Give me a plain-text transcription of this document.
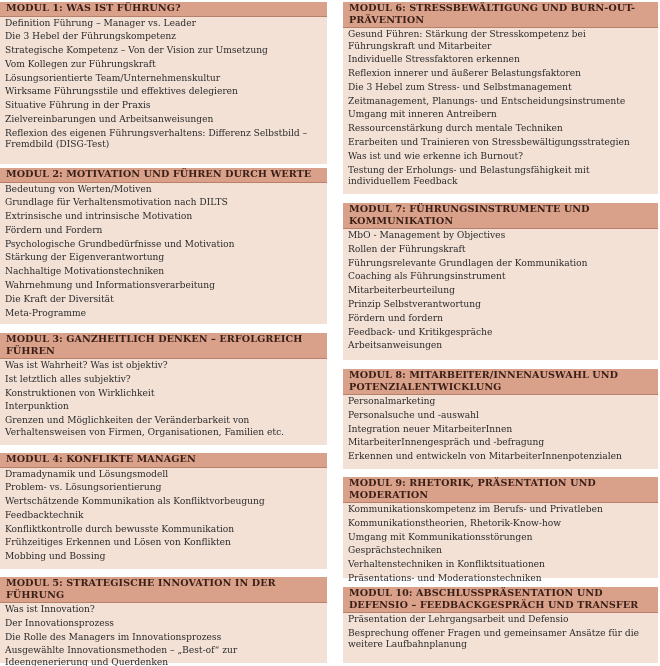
MODUL 1: WAS IST FÜHRUNG?
Definition Führung – Manager vs. Leader
Die 3 Hebel der Führungskompetenz
Strategische Kompetenz – Von der Vision zur Umsetzung
Vom Kollegen zur Führungskraft
Lösungsorientierte Team/Unternehmenskultur
Wirksame Führungsstile und effektives delegieren
Situative Führung in der Praxis
Zielvereinbarungen und Arbeitsanweisungen
Reflexion des eigenen Führungsverhaltens: Differenz Selbstbild – Fremdbild (DISG-Test)
MODUL 2: MOTIVATION UND FÜHREN DURCH WERTE
Bedeutung von Werten/Motiven
Grundlage für Verhaltensmotivation nach DILTS
Extrinsische und intrinsische Motivation
Fördern und Fordern
Psychologische Grundbedürfnisse und Motivation
Stärkung der Eigenverantwortung
Nachhaltige Motivationstechniken
Wahrnehmung und Informationsverarbeitung
Die Kraft der Diversität
Meta-Programme
MODUL 3: GANZHEITLICH DENKEN – ERFOLGREICH FÜHREN
Was ist Wahrheit? Was ist objektiv?
Ist letztlich alles subjektiv?
Konstruktionen von Wirklichkeit
Interpunktion
Grenzen und Möglichkeiten der Veränderbarkeit von Verhaltensweisen von Firmen, Organisationen, Familien etc.
MODUL 4: KONFLIKTE MANAGEN
Dramadynamik und Lösungsmodell
Problem- vs. Lösungsorientierung
Wertschätzende Kommunikation als Konfliktvorbeugung
Feedbacktechnik
Konfliktkontrolle durch bewusste Kommunikation
Frühzeitiges Erkennen und Lösen von Konflikten
Mobbing und Bossing
MODUL 5: STRATEGISCHE INNOVATION IN DER FÜHRUNG
Was ist Innovation?
Der Innovationsprozess
Die Rolle des Managers im Innovationsprozess
Ausgewählte Innovationsmethoden – „Best-of“ zur Ideengenerierung und Querdenken
MODUL 6: STRESSBEWÄLTIGUNG UND BURN-OUT-PRÄVENTION
Gesund Führen: Stärkung der Stresskompetenz bei Führungskraft und Mitarbeiter
Individuelle Stressfaktoren erkennen
Reflexion innerer und äußerer Belastungsfaktoren
Die 3 Hebel zum Stress- und Selbstmanagement
Zeitmanagement, Planungs- und Entscheidungsinstrumente
Umgang mit inneren Antreibern
Ressourcenstärkung durch mentale Techniken
Erarbeiten und Trainieren von Stressbewältigungsstrategien
Was ist und wie erkenne ich Burnout?
Testung der Erholungs- und Belastungsfähigkeit mit individuellem Feedback
MODUL 7: FÜHRUNGSINSTRUMENTE UND KOMMUNIKATION
MbO - Management by Objectives
Rollen der Führungskraft
Führungsrelevante Grundlagen der Kommunikation
Coaching als Führungsinstrument
Mitarbeiterbeurteilung
Prinzip Selbstverantwortung
Fördern und fordern
Feedback- und Kritikgespräche
Arbeitsanweisungen
MODUL 8: MITARBEITER/INNENAUSWAHL UND POTENZIALENTWICKLUNG
Personalmarketing
Personalsuche und -auswahl
Integration neuer MitarbeiterInnen
MitarbeiterInnengespräch und -befragung
Erkennen und entwickeln von MitarbeiterInnenpotenzialen
MODUL 9: RHETORIK, PRÄSENTATION UND MODERATION
Kommunikationskompetenz im Berufs- und Privatleben
Kommunikationstheorien, Rhetorik-Know-how
Umgang mit Kommunikationsstörungen
Gesprächstechniken
Verhaltenstechniken in Konfliktsituationen
Präsentations- und Moderationstechniken
MODUL 10: ABSCHLUSSPRÄSENTATION UND DEFENSIO – FEEDBACKGESPRÄCH UND TRANSFER
Präsentation der Lehrgangsarbeit und Defensio
Besprechung offener Fragen und gemeinsamer Ansätze für die weitere Laufbahnplanung
